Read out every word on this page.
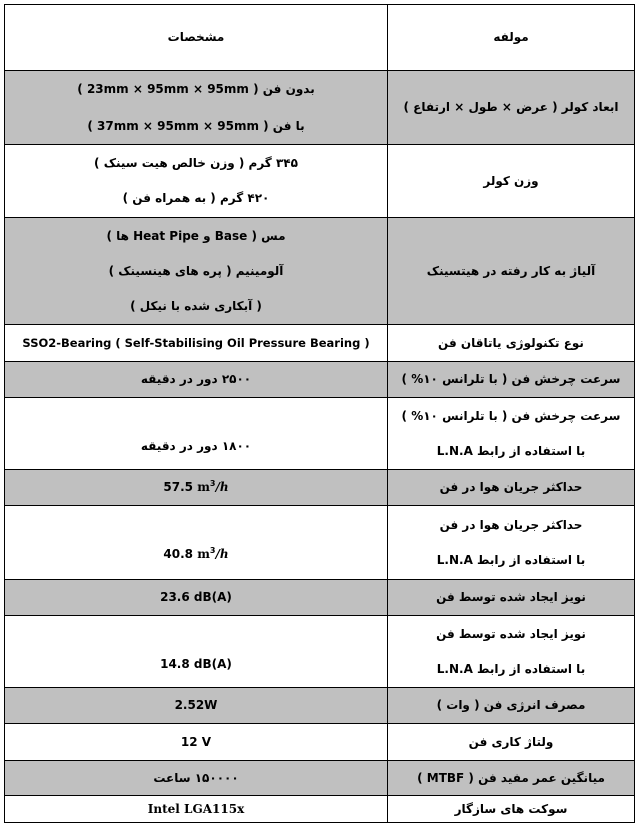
مشخصات	مولفه

بدون فن ( 23mm × 95mm × 95mm )
با فن ( 37mm × 95mm × 95mm )	ابعاد کولر ( عرض × طول × ارتفاع )

۳۴۵ گرم ( وزن خالص هیت سینک )
۴۲۰ گرم ( به همراه فن )	وزن کولر

مس ( Base و Heat Pipe ها )
آلومینیم ( پره های هینسینک )
( آبکاری شده با نیکل )	آلیاژ به کار رفته در هیتسینک

SSO2-Bearing ( Self-Stabilising Oil Pressure Bearing )	نوع تکنولوژی یاتاقان فن

۲۵۰۰ دور در دقیقه	سرعت چرخش فن ( با تلرانس ۱۰% )

۱۸۰۰ دور در دقیقه	سرعت چرخش فن ( با تلرانس ۱۰% )
با استفاده از رابط L.N.A

57.5 $m^3/h$	حداکثر جریان هوا در فن

40.8 $m^3/h$	حداکثر جریان هوا در فن
با استفاده از رابط L.N.A

23.6 dB(A)	نویز ایجاد شده توسط فن

14.8 dB(A)	نویز ایجاد شده توسط فن
با استفاده از رابط L.N.A

2.52W	مصرف انرژی فن ( وات )

12 V	ولتاژ کاری فن

۱۵۰۰۰۰ ساعت	میانگین عمر مفید فن ( MTBF )

Intel LGA115x	سوکت های سازگار
